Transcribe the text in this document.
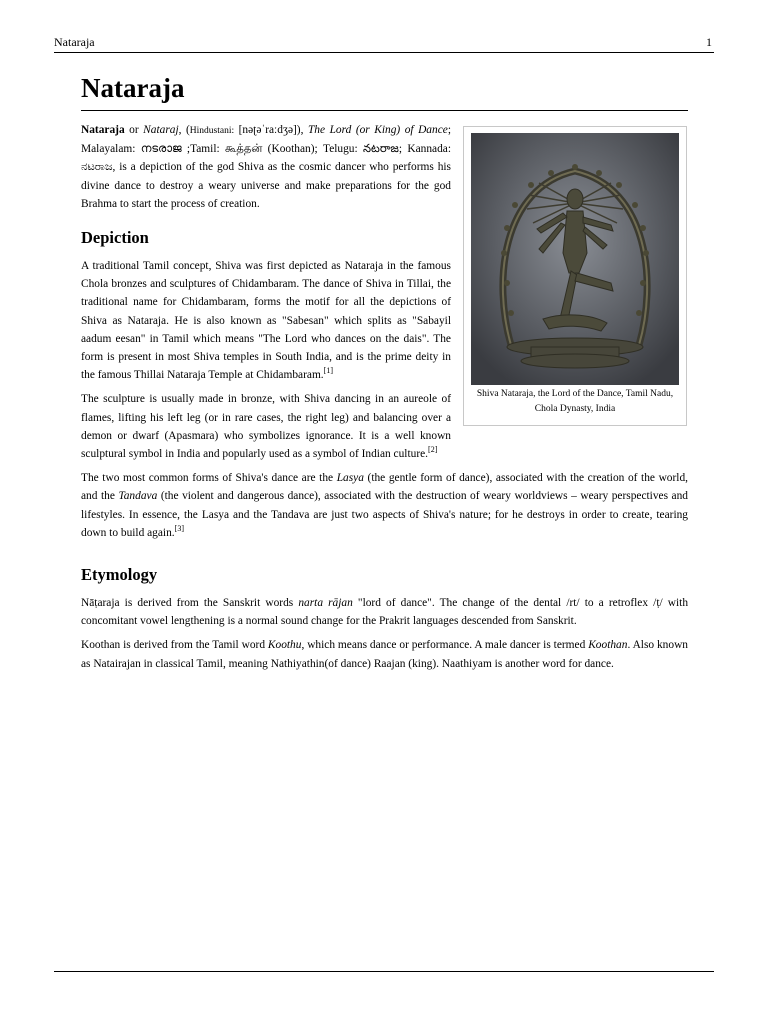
Nataraja	1
Nataraja
Shiva Nataraja, the Lord of the Dance, Tamil Nadu, Chola Dynasty, India

Nataraja or Nataraj, (Hindustani: [nəʈəˈraːdʒə]), The Lord (or King) of Dance; Malayalam: നടരാജ ;Tamil: கூத்தன் (Koothan); Telugu: నటరాజ; Kannada: ನಟರಾಜ, is a depiction of the god Shiva as the cosmic dancer who performs his divine dance to destroy a weary universe and make preparations for the god Brahma to start the process of creation.

Depiction

A traditional Tamil concept, Shiva was first depicted as Nataraja in the famous Chola bronzes and sculptures of Chidambaram. The dance of Shiva in Tillai, the traditional name for Chidambaram, forms the motif for all the depictions of Shiva as Nataraja. He is also known as "Sabesan" which splits as "Sabayil aadum eesan" in Tamil which means "The Lord who dances on the dais". The form is present in most Shiva temples in South India, and is the prime deity in the famous Thillai Nataraja Temple at Chidambaram.[1]

The sculpture is usually made in bronze, with Shiva dancing in an aureole of flames, lifting his left leg (or in rare cases, the right leg) and balancing over a demon or dwarf (Apasmara) who symbolizes ignorance. It is a well known sculptural symbol in India and popularly used as a symbol of Indian culture.[2]

The two most common forms of Shiva's dance are the Lasya (the gentle form of dance), associated with the creation of the world, and the Tandava (the violent and dangerous dance), associated with the destruction of weary worldviews – weary perspectives and lifestyles. In essence, the Lasya and the Tandava are just two aspects of Shiva's nature; for he destroys in order to create, tearing down to build again.[3]

Etymology

Nāṭaraja is derived from the Sanskrit words narta rājan "lord of dance". The change of the dental /rt/ to a retroflex /ṭ/ with concomitant vowel lengthening is a normal sound change for the Prakrit languages descended from Sanskrit.

Koothan is derived from the Tamil word Koothu, which means dance or performance. A male dancer is termed Koothan. Also known as Natairajan in classical Tamil, meaning Nathiyathin(of dance) Raajan (king). Naathiyam is another word for dance.
